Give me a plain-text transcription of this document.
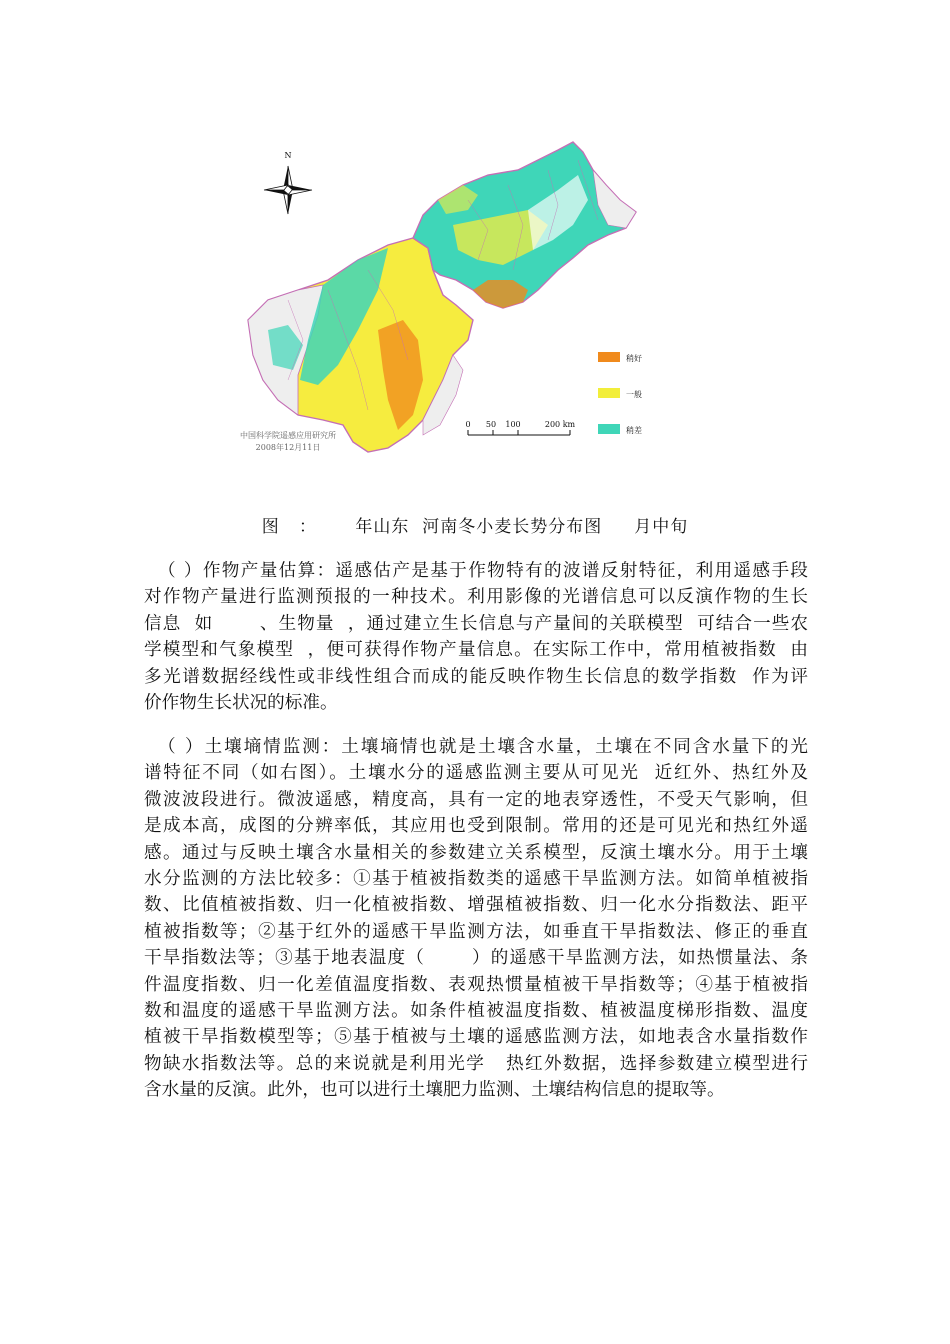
N
稍好
一般
稍差
0 50 100	200 km
中国科学院遥感应用研究所
2008年12月11日
图   ：      年山东  河南冬小麦长势分布图     月中旬
（ ）作物产量估算：遥感估产是基于作物特有的波谱反射特征，利用遥感手段
对作物产量进行监测预报的一种技术。利用影像的光谱信息可以反演作物的生长
信息  如       、生物量  ，通过建立生长信息与产量间的关联模型  可结合一些农
学模型和气象模型  ，便可获得作物产量信息。在实际工作中，常用植被指数  由
多光谱数据经线性或非线性组合而成的能反映作物生长信息的数学指数  作为评
价作物生长状况的标准。
（ ）土壤墒情监测：土壤墒情也就是土壤含水量，土壤在不同含水量下的光
谱特征不同（如右图）。土壤水分的遥感监测主要从可见光  近红外、热红外及
微波波段进行。微波遥感，精度高，具有一定的地表穿透性，不受天气影响，但
是成本高，成图的分辨率低，其应用也受到限制。常用的还是可见光和热红外遥
感。通过与反映土壤含水量相关的参数建立关系模型，反演土壤水分。用于土壤
水分监测的方法比较多：①基于植被指数类的遥感干旱监测方法。如简单植被指
数、比值植被指数、归一化植被指数、增强植被指数、归一化水分指数法、距平
植被指数等；②基于红外的遥感干旱监测方法，如垂直干旱指数法、修正的垂直
干旱指数法等；③基于地表温度（       ）的遥感干旱监测方法，如热惯量法、条
件温度指数、归一化差值温度指数、表观热惯量植被干旱指数等；④基于植被指
数和温度的遥感干旱监测方法。如条件植被温度指数、植被温度梯形指数、温度
植被干旱指数模型等；⑤基于植被与土壤的遥感监测方法，如地表含水量指数作
物缺水指数法等。总的来说就是利用光学   热红外数据，选择参数建立模型进行
含水量的反演。此外，也可以进行土壤肥力监测、土壤结构信息的提取等。
